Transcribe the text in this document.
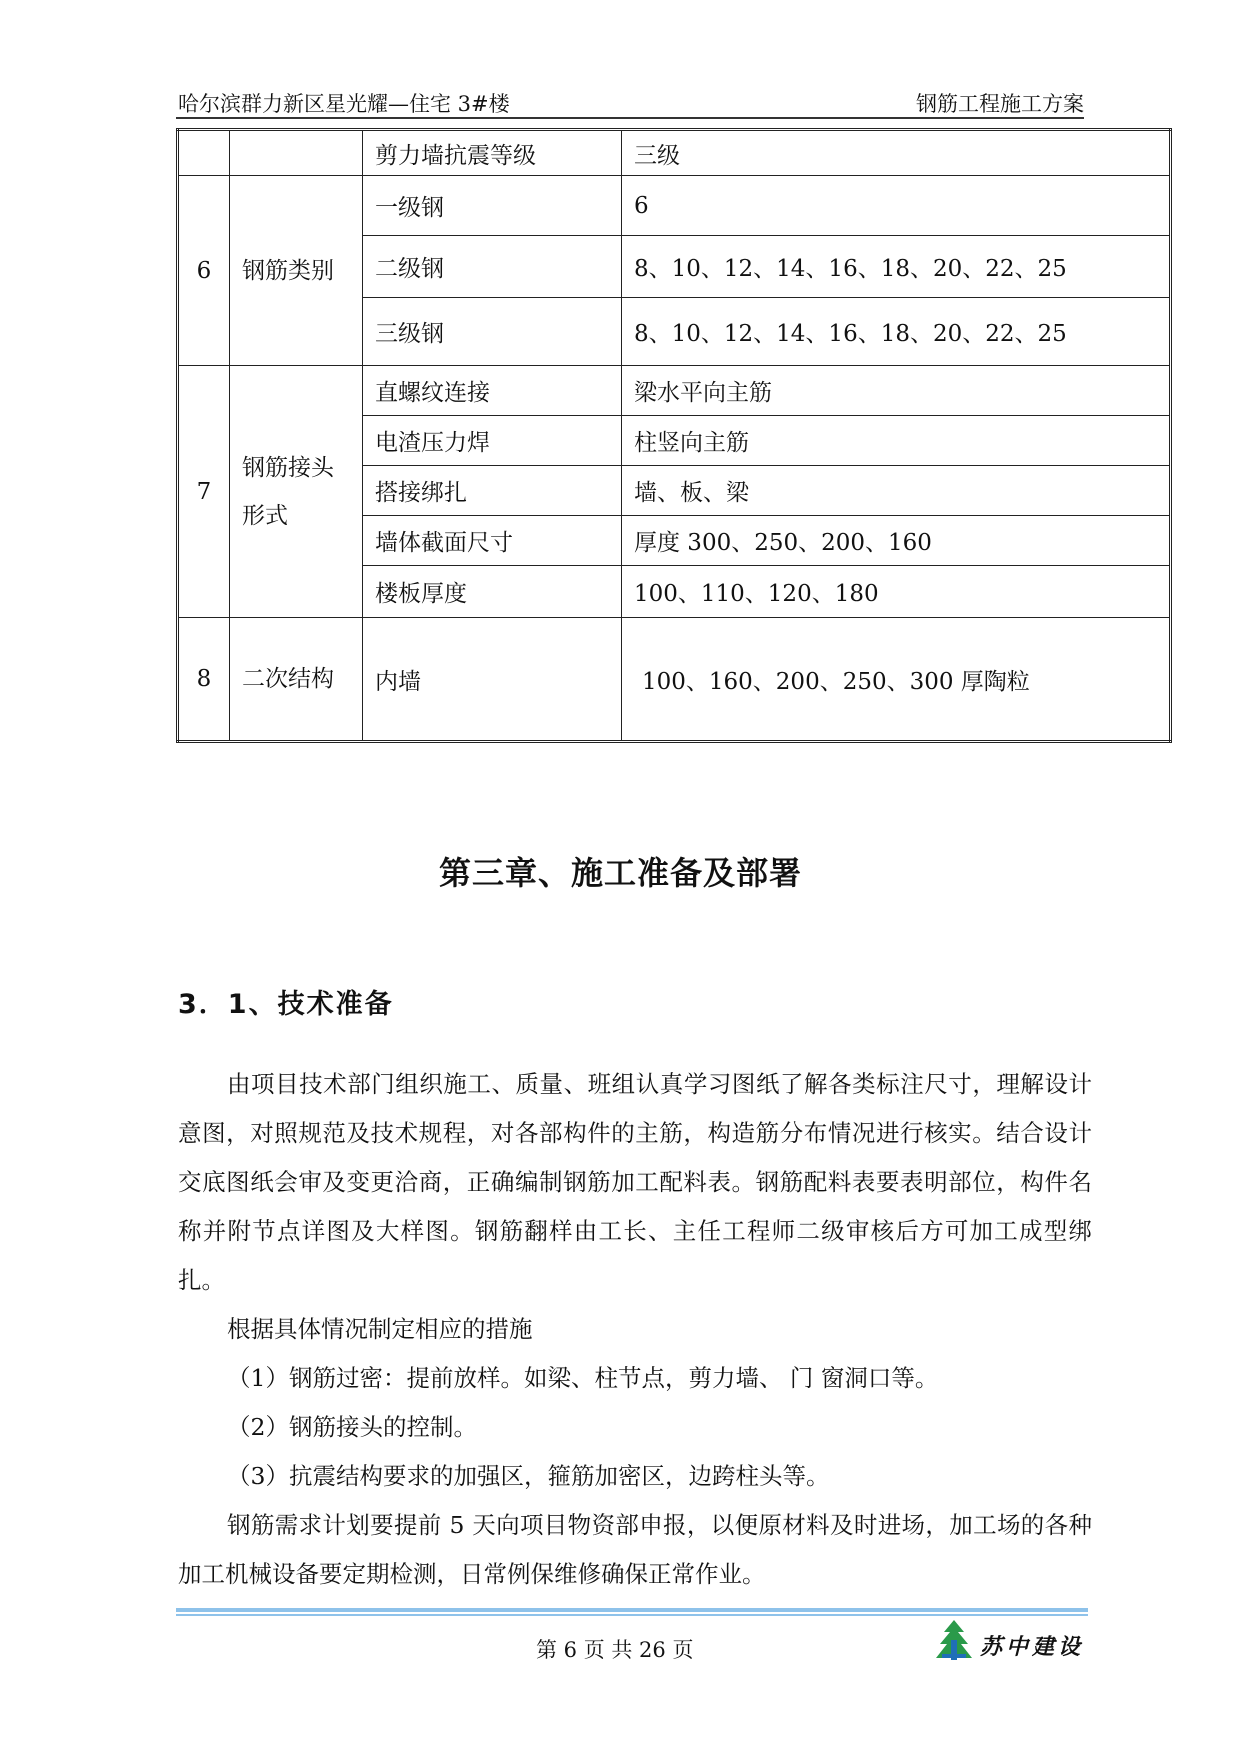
哈尔滨群力新区星光耀—住宅 3#楼	钢筋工程施工方案
		剪力墙抗震等级	三级
6	钢筋类别	一级钢	6
		二级钢	8、10、12、14、16、18、20、22、25
		三级钢	8、10、12、14、16、18、20、22、25
7	钢筋接头形式	直螺纹连接	梁水平向主筋
		电渣压力焊	柱竖向主筋
		搭接绑扎	墙、板、梁
		墙体截面尺寸	厚度 300、250、200、160
		楼板厚度	100、110、120、180
8	二次结构	内墙	100、160、200、250、300 厚陶粒
第三章、施工准备及部署
3．1、技术准备

由项目技术部门组织施工、质量、班组认真学习图纸了解各类标注尺寸，理解设计意图，对照规范及技术规程，对各部构件的主筋，构造筋分布情况进行核实。结合设计交底图纸会审及变更洽商，正确编制钢筋加工配料表。钢筋配料表要表明部位，构件名称并附节点详图及大样图。钢筋翻样由工长、主任工程师二级审核后方可加工成型绑扎。

根据具体情况制定相应的措施

（1）钢筋过密：提前放样。如梁、柱节点，剪力墙、 门 窗洞口等。

（2）钢筋接头的控制。

（3）抗震结构要求的加强区，箍筋加密区，边跨柱头等。

钢筋需求计划要提前 5 天向项目物资部申报，以便原材料及时进场，加工场的各种加工机械设备要定期检测，日常例保维修确保正常作业。

第 6 页 共 26 页	苏中建设
